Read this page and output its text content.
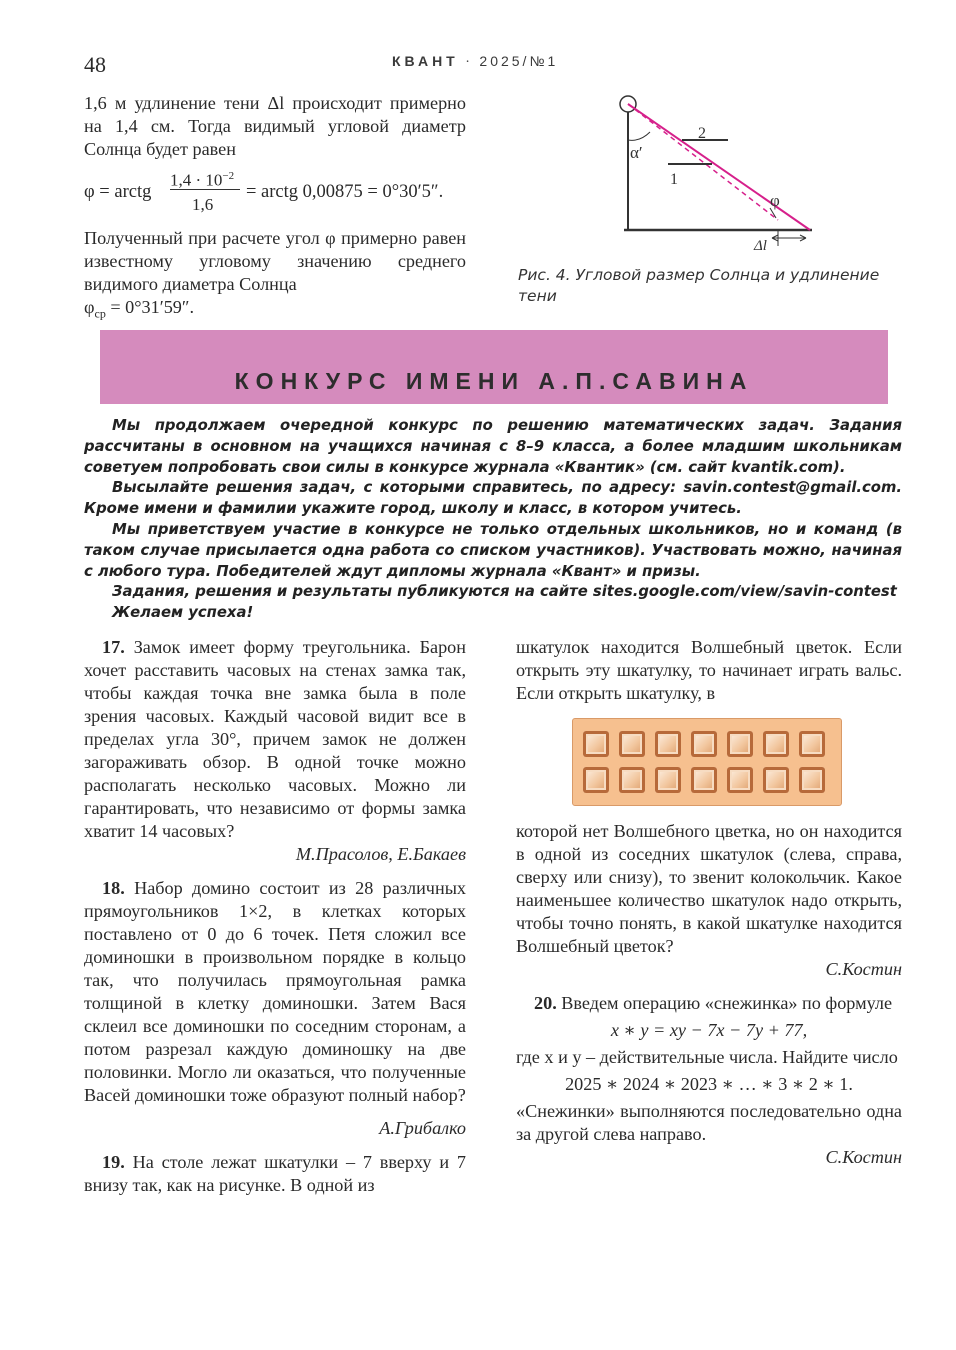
48	КВАНТ · 2025/№1

1,6 м удлинение тени Δl происходит примерно на 1,4 см. Тогда видимый угловой диаметр Солнца будет равен

φ = arctg
$1,4 \cdot 10^{-2}$
1,6
= arctg 0,00875 = 0°30′5″.

Полученный при расчете угол φ примерно равен известному угловому значению среднего видимого диаметра Солнца

$\varphi_{ср} = 0^\circ 31'59''$.

α′
1
2
φ
Δl
Рис. 4. Угловой размер Солнца и удлинение тени
КОНКУРС ИМЕНИ А.П.САВИНА

Мы продолжаем очередной конкурс по решению математических задач. Задания рассчитаны в основном на учащихся начиная с 8–9 класса, а более младшим школьникам советуем попробовать свои силы в конкурсе журнала «Квантик» (см. сайт kvantik.com).

Высылайте решения задач, с которыми справитесь, по адресу: savin.contest@gmail.com. Кроме имени и фамилии укажите город, школу и класс, в котором учитесь.

Мы приветствуем участие в конкурсе не только отдельных школьников, но и команд (в таком случае присылается одна работа со списком участников). Участвовать можно, начиная с любого тура. Победителей ждут дипломы журнала «Квант» и призы.

Задания, решения и результаты публикуются на сайте sites.google.com/view/savin-contest

Желаем успеха!

17. Замок имеет форму треугольника. Барон хочет расставить часовых на стенах замка так, чтобы каждая точка вне замка была в поле зрения часовых. Каждый часовой видит все в пределах угла 30°, причем замок не должен загораживать обзор. В одной точке можно располагать несколько часовых. Можно ли гарантировать, что независимо от формы замка хватит 14 часовых?

М.Прасолов, Е.Бакаев

18. Набор домино состоит из 28 различных прямоугольников 1×2, в клетках которых поставлено от 0 до 6 точек. Петя сложил все доминошки в произвольном порядке в кольцо так, что получилась прямоугольная рамка толщиной в клетку доминошки. Затем Вася склеил все доминошки по соседним сторонам, а потом разрезал каждую доминошку на две половинки. Могло ли оказаться, что полученные Васей доминошки тоже образуют полный набор?

А.Грибалко

19. На столе лежат шкатулки – 7 вверху и 7 внизу так, как на рисунке. В одной из

шкатулок находится Волшебный цветок. Если открыть эту шкатулку, то начинает играть вальс. Если открыть шкатулку, в

которой нет Волшебного цветка, но он находится в одной из соседних шкатулок (слева, справа, сверху или снизу), то звенит колокольчик. Какое наименьшее количество шкатулок надо открыть, чтобы точно понять, в какой шкатулке находится Волшебный цветок?

С.Костин

20. Введем операцию «снежинка» по формуле

x ∗ y = xy − 7x − 7y + 77,

где x и y – действительные числа. Найдите число

2025 ∗ 2024 ∗ 2023 ∗ … ∗ 3 ∗ 2 ∗ 1.

«Снежинки» выполняются последовательно одна за другой слева направо.

С.Костин
